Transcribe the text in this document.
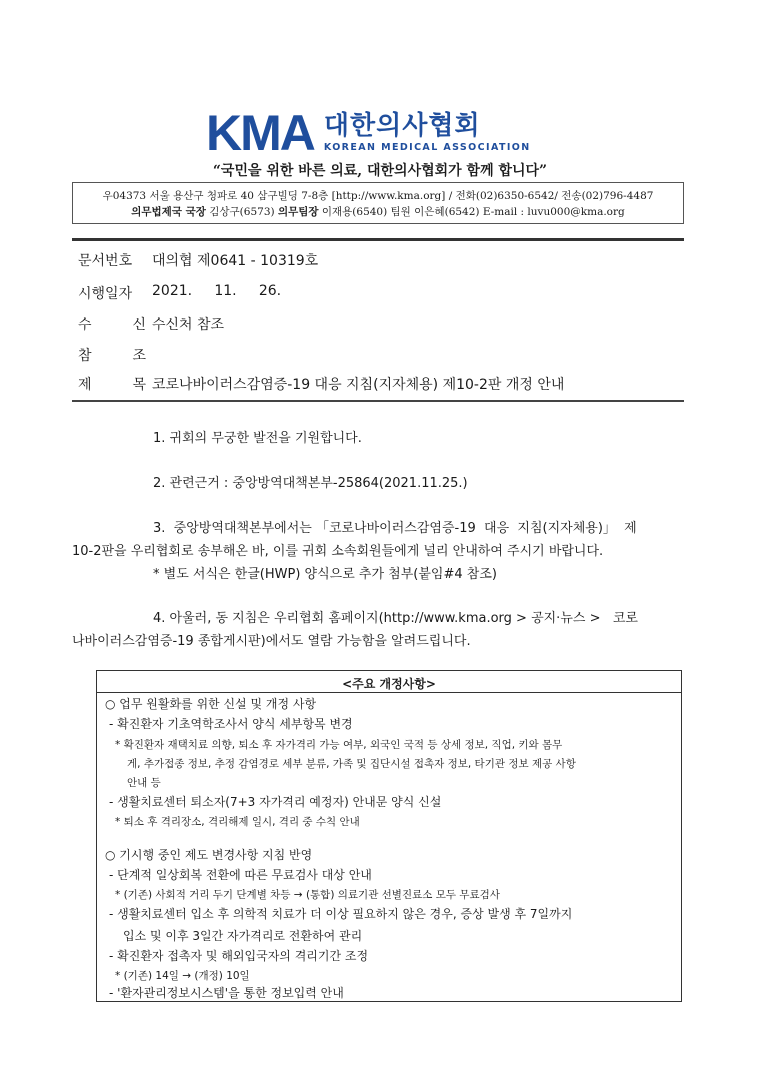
KMA 대한의사협회
KOREAN MEDICAL ASSOCIATION
“국민을 위한 바른 의료, 대한의사협회가 함께 합니다”
우04373 서울 용산구 청파로 40 삼구빌딩 7-8층 [http://www.kma.org] / 전화(02)6350-6542/ 전송(02)796-4487
의무법제국 국장 김상구(6573) 의무팀장 이재용(6540) 팀원 이은혜(6542) E-mail : luvu000@kma.org
문서번호	대의협 제0641 - 10319호
시행일자	2021.     11.     26.
수	신 수신처 참조
참	조
제	목 코로나바이러스감염증-19 대응 지침(지자체용) 제10-2판 개정 안내
1. 귀회의 무궁한 발전을 기원합니다.
2. 관련근거 : 중앙방역대책본부-25864(2021.11.25.)
3.  중앙방역대책본부에서는 「코로나바이러스감염증-19  대응  지침(지자체용)」  제
10-2판을 우리협회로 송부해온 바, 이를 귀회 소속회원들에게 널리 안내하여 주시기 바랍니다.
* 별도 서식은 한글(HWP) 양식으로 추가 첨부(붙임#4 참조)
4. 아울러, 동 지침은 우리협회 홈페이지(http://www.kma.org > 공지·뉴스 >   코로
나바이러스감염증-19 종합게시판)에서도 열람 가능함을 알려드립니다.
<주요 개정사항>
○ 업무 원활화를 위한 신설 및 개정 사항
- 확진환자 기초역학조사서 양식 세부항목 변경
* 확진환자 재택치료 의향, 퇴소 후 자가격리 가능 여부, 외국인 국적 등 상세 정보, 직업, 키와 몸무
게, 추가접종 정보, 추정 감염경로 세부 분류, 가족 및 집단시설 접촉자 정보, 타기관 정보 제공 사항
안내 등
- 생활치료센터 퇴소자(7+3 자가격리 예정자) 안내문 양식 신설
* 퇴소 후 격리장소, 격리해제 일시, 격리 중 수칙 안내
○ 기시행 중인 제도 변경사항 지침 반영
- 단계적 일상회복 전환에 따른 무료검사 대상 안내
* (기존) 사회적 거리 두기 단계별 차등 → (통합) 의료기관 선별진료소 모두 무료검사
- 생활치료센터 입소 후 의학적 치료가 더 이상 필요하지 않은 경우, 증상 발생 후 7일까지
입소 및 이후 3일간 자가격리로 전환하여 관리
- 확진환자 접촉자 및 해외입국자의 격리기간 조정
* (기존) 14일 → (개정) 10일
- '환자관리정보시스템'을 통한 정보입력 안내
